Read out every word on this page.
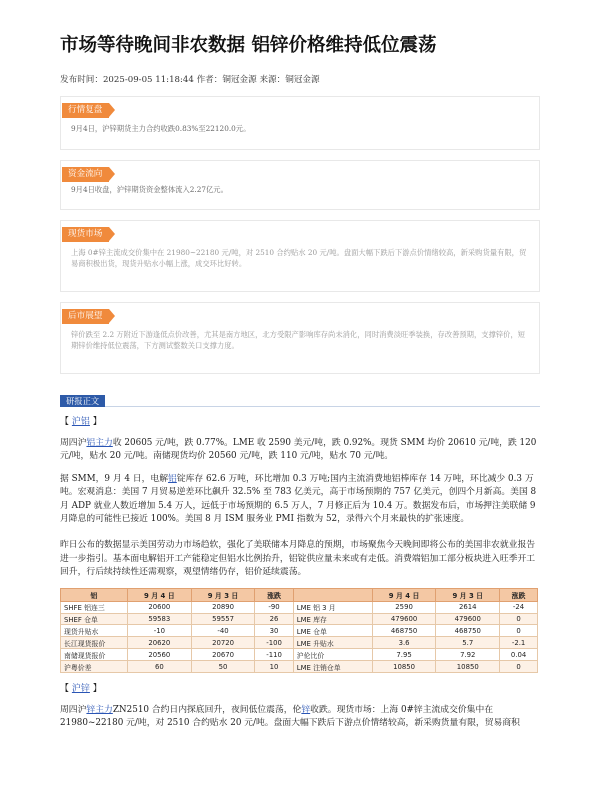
市场等待晚间非农数据 铝锌价格维持低位震荡
发布时间：2025-09-05 11:18:44 作者：铜冠金源 来源：铜冠金源
行情复盘
9月4日，沪锌期货主力合约收跌0.83%至22120.0元。
资金流向
9月4日收盘，沪锌期货资金整体流入2.27亿元。
现货市场
上海 0#锌主流成交价集中在 21980~22180 元/吨，对 2510 合约贴水 20 元/吨。盘面大幅下跌后下游点价情绪较高，新采购货量有限，贸易商积极出货，现货升贴水小幅上涨，成交环比好转。
后市展望
锌价跌至 2.2 万附近下游逢低点价改善，尤其是南方地区，北方受限产影响库存尚未消化，同时消费淡旺季装换，存改善预期，支撑锌价，短期锌价维持低位震荡，下方测试整数关口支撑力度。
研报正文
【 沪铝 】
周四沪铝主力收 20605 元/吨，跌 0.77%。LME 收 2590 美元/吨，跌 0.92%。现货 SMM 均价 20610 元/吨，跌 120 元/吨，贴水 20 元/吨。南储现货均价 20560 元/吨，跌 110 元/吨，贴水 70 元/吨。
据 SMM，9 月 4 日，电解铝锭库存 62.6 万吨，环比增加 0.3 万吨;国内主流消费地铝棒库存 14 万吨，环比减少 0.3 万吨。宏观消息：美国 7 月贸易逆差环比飙升 32.5% 至 783 亿美元，高于市场预期的 757 亿美元，创四个月新高。美国 8 月 ADP 就业人数近增加 5.4 万人，远低于市场预期的 6.5 万人，7 月修正后为 10.4 万。数据发布后，市场押注美联储 9 月降息的可能性已接近 100%。美国 8 月 ISM 服务业 PMI 指数为 52，录得六个月来最快的扩张速度。
昨日公布的数据显示美国劳动力市场趋软，强化了美联储本月降息的预期，市场聚焦今天晚间即将公布的美国非农就业报告进一步指引。基本面电解铝开工产能稳定但铝水比例抬升，铝锭供应量未来或有走低。消费端铝加工部分板块进入旺季开工回升，行后续持续性还需观察，观望情绪仍存，铝价延续震荡。
铝	9 月 4 日	9 月 3 日	涨跌		9 月 4 日	9 月 3 日	涨跌
SHFE 铝连三	20600	20890	-90	LME 铝 3 月	2590	2614	-24
SHEF 仓单	59583	59557	26	LME 库存	479600	479600	0
现货升贴水	-10	-40	30	LME 仓单	468750	468750	0
长江现货报价	20620	20720	-100	LME 升贴水	3.6	5.7	-2.1
南储现货报价	20560	20670	-110	沪伦比价	7.95	7.92	0.04
沪粤价差	60	50	10	LME 注销仓单	10850	10850	0
【 沪锌 】
周四沪锌主力ZN2510 合约日内探底回升，夜间低位震荡，伦锌收跌。现货市场：上海 0#锌主流成交价集中在 21980~22180 元/吨，对 2510 合约贴水 20 元/吨。盘面大幅下跌后下游点价情绪较高，新采购货量有限，贸易商积
